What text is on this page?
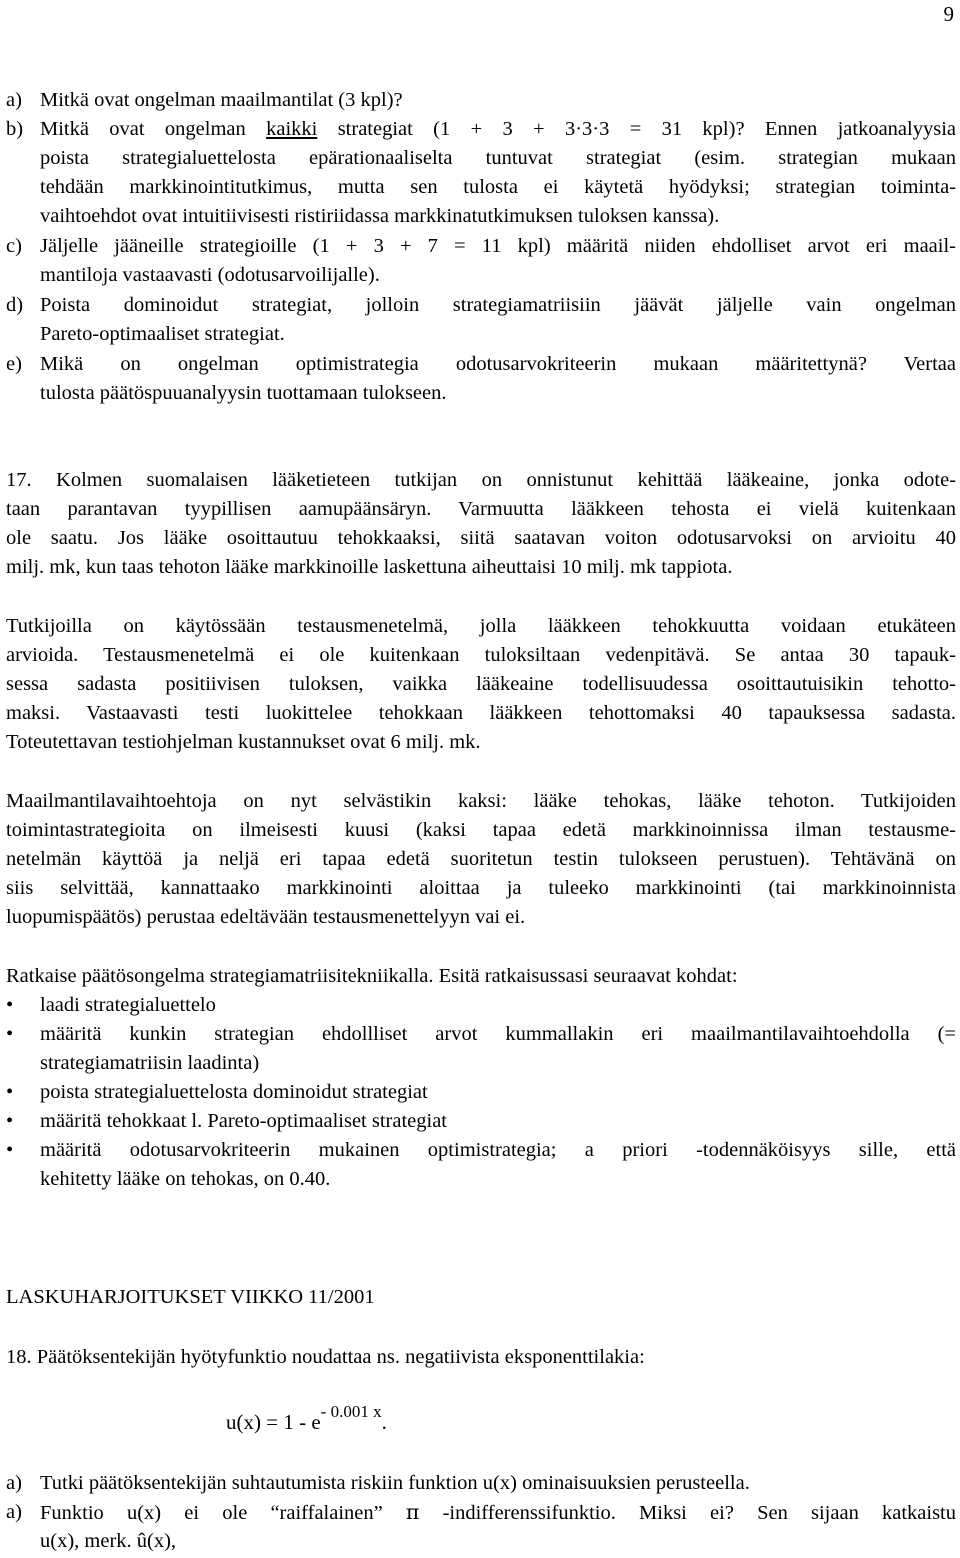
9
a) Mitkä ovat ongelman maailmantilat (3 kpl)?
b) Mitkä ovat ongelman kaikki strategiat (1 + 3 + 3·3·3 = 31 kpl)? Ennen jatkoanalyysia
poista strategialuettelosta epärationaaliselta tuntuvat strategiat (esim. strategian mukaan
tehdään markkinointitutkimus, mutta sen tulosta ei käytetä hyödyksi; strategian toiminta-
vaihtoehdot ovat intuitiivisesti ristiriidassa markkinatutkimuksen tuloksen kanssa).
c) Jäljelle jääneille strategioille (1 + 3 + 7 = 11 kpl) määritä niiden ehdolliset arvot eri maail-
mantiloja vastaavasti (odotusarvoilijalle).
d) Poista dominoidut strategiat, jolloin strategiamatriisiin jäävät jäljelle vain ongelman
Pareto-optimaaliset strategiat.
e) Mikä on ongelman optimistrategia odotusarvokriteerin mukaan määritettynä? Vertaa
tulosta päätöspuuanalyysin tuottamaan tulokseen.
17. Kolmen suomalaisen lääketieteen tutkijan on onnistunut kehittää lääkeaine, jonka odote-
taan parantavan tyypillisen aamupäänsäryn. Varmuutta lääkkeen tehosta ei vielä kuitenkaan
ole saatu. Jos lääke osoittautuu tehokkaaksi, siitä saatavan voiton odotusarvoksi on arvioitu 40
milj. mk, kun taas tehoton lääke markkinoille laskettuna aiheuttaisi 10 milj. mk tappiota.
Tutkijoilla on käytössään testausmenetelmä, jolla lääkkeen tehokkuutta voidaan etukäteen
arvioida. Testausmenetelmä ei ole kuitenkaan tuloksiltaan vedenpitävä. Se antaa 30 tapauk-
sessa sadasta positiivisen tuloksen, vaikka lääkeaine todellisuudessa osoittautuisikin tehotto-
maksi. Vastaavasti testi luokittelee tehokkaan lääkkeen tehottomaksi 40 tapauksessa sadasta.
Toteutettavan testiohjelman kustannukset ovat 6 milj. mk.
Maailmantilavaihtoehtoja on nyt selvästikin kaksi: lääke tehokas, lääke tehoton. Tutkijoiden
toimintastrategioita on ilmeisesti kuusi (kaksi tapaa edetä markkinoinnissa ilman testausme-
netelmän käyttöä ja neljä eri tapaa edetä suoritetun testin tulokseen perustuen). Tehtävänä on
siis selvittää, kannattaako markkinointi aloittaa ja tuleeko markkinointi (tai markkinoinnista
luopumispäätös) perustaa edeltävään testausmenettelyyn vai ei.
Ratkaise päätösongelma strategiamatriisitekniikalla. Esitä ratkaisussasi seuraavat kohdat:
• laadi strategialuettelo
• määritä kunkin strategian ehdollliset arvot kummallakin eri maailmantilavaihtoehdolla (=
strategiamatriisin laadinta)
• poista strategialuettelosta dominoidut strategiat
• määritä tehokkaat l. Pareto-optimaaliset strategiat
• määritä odotusarvokriteerin mukainen optimistrategia; a priori -todennäköisyys sille, että
kehitetty lääke on tehokas, on 0.40.
LASKUHARJOITUKSET VIIKKO 11/2001
18. Päätöksentekijän hyötyfunktio noudattaa ns. negatiivista eksponenttilakia:
$u(x) = 1 - e^{- 0.001 x}$.
a) Tutki päätöksentekijän suhtautumista riskiin funktion u(x) ominaisuuksien perusteella.
a) Funktio u(x) ei ole “raiffalainen” π -indifferenssifunktio. Miksi ei? Sen sijaan katkaistu
u(x), merk. û(x),
